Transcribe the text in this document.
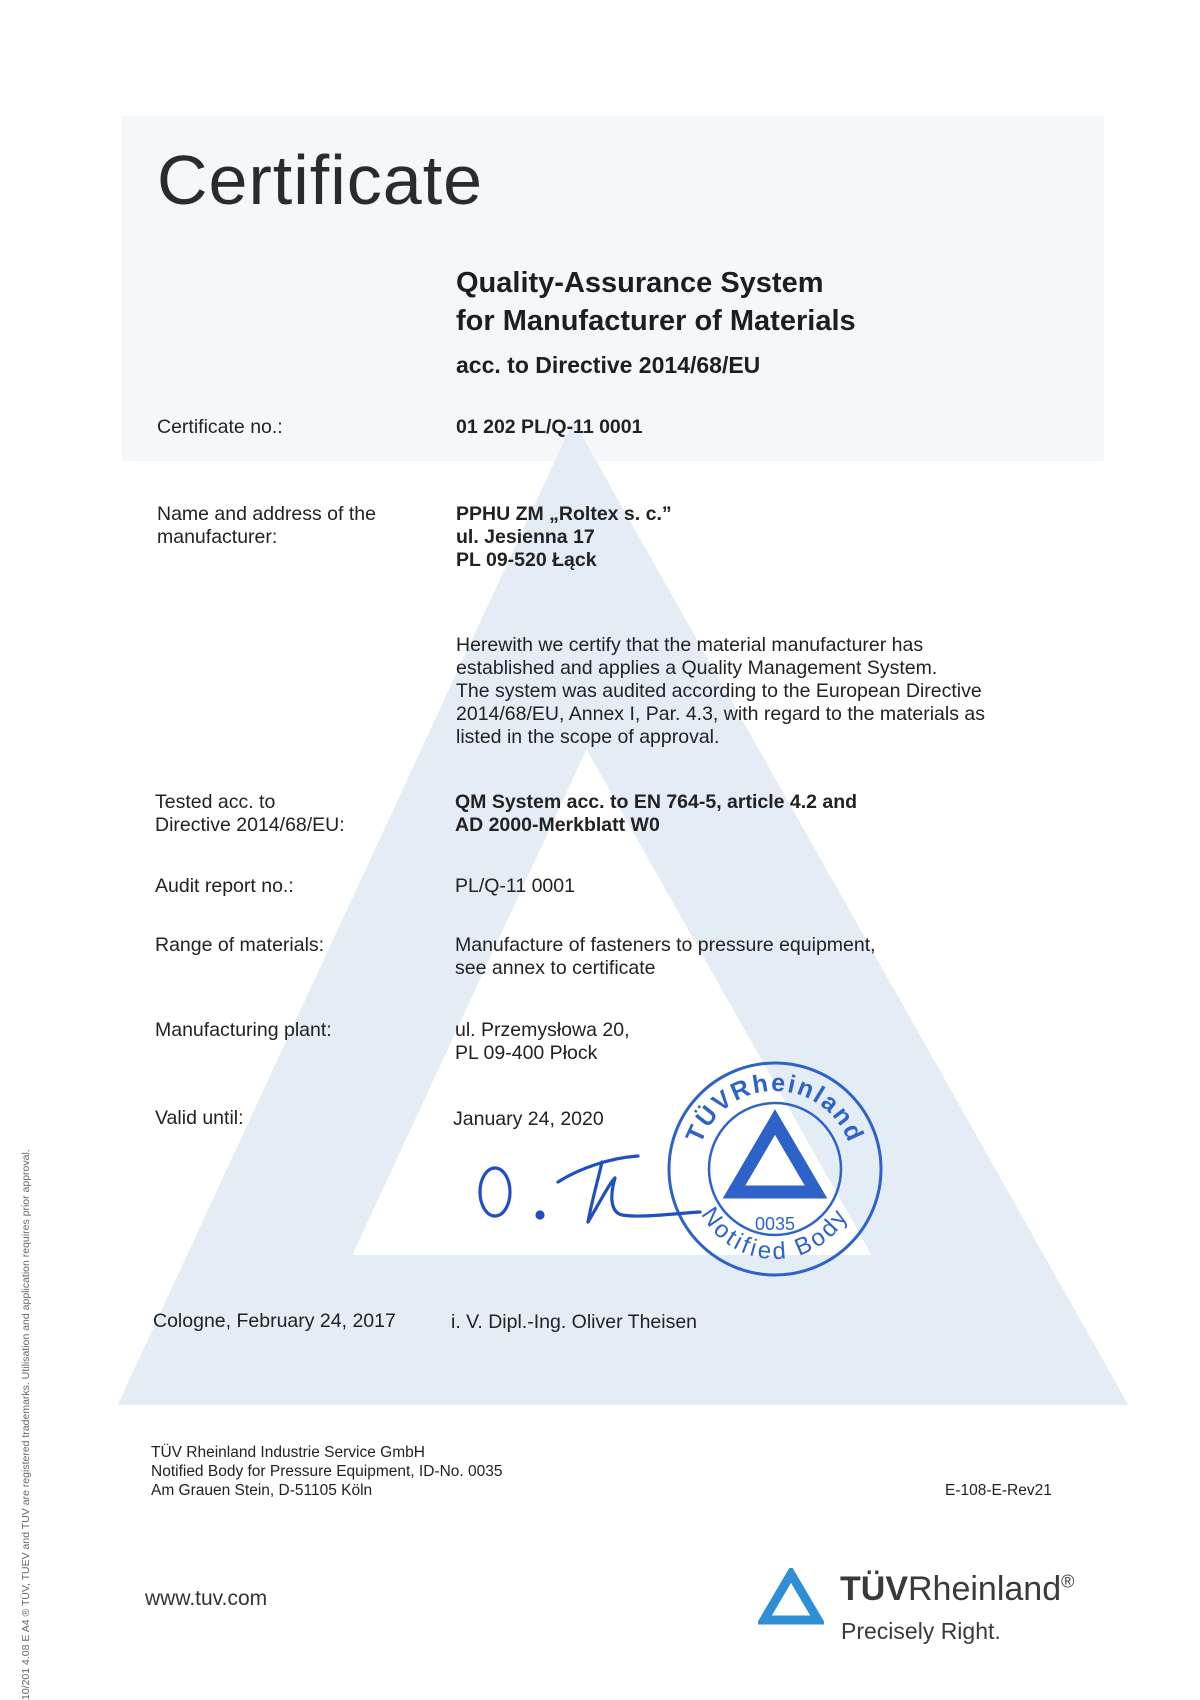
Certificate
Quality-Assurance System
for Manufacturer of Materials
acc. to Directive 2014/68/EU
Certificate no.:	01 202 PL/Q-11 0001
Name and address of the
manufacturer:
PPHU ZM „Roltex s. c.”
ul. Jesienna 17
PL 09-520 Łąck
Herewith we certify that the material manufacturer has
established and applies a Quality Management System.
The system was audited according to the European Directive
2014/68/EU, Annex I, Par. 4.3, with regard to the materials as
listed in the scope of approval.
Tested acc. to
Directive 2014/68/EU:
QM System acc. to EN 764-5, article 4.2 and
AD 2000-Merkblatt W0
Audit report no.:	PL/Q-11 0001
Range of materials:	Manufacture of fasteners to pressure equipment,
see annex to certificate
Manufacturing plant:	ul. Przemysłowa 20,
PL 09-400 Płock
Valid until:	January 24, 2020
TÜVRheinland
Notified Body
0035
Cologne, February 24, 2017	i. V. Dipl.-Ing. Oliver Theisen
TÜV Rheinland Industrie Service GmbH
Notified Body for Pressure Equipment, ID-No. 0035
Am Grauen Stein, D-51105 Köln	E-108-E-Rev21
www.tuv.com	TÜVRheinland®
Precisely Right.
10/201 4.08 E A4 ® TÜV, TUEV and TUV are registered trademarks. Utilisation and application requires prior approval.
